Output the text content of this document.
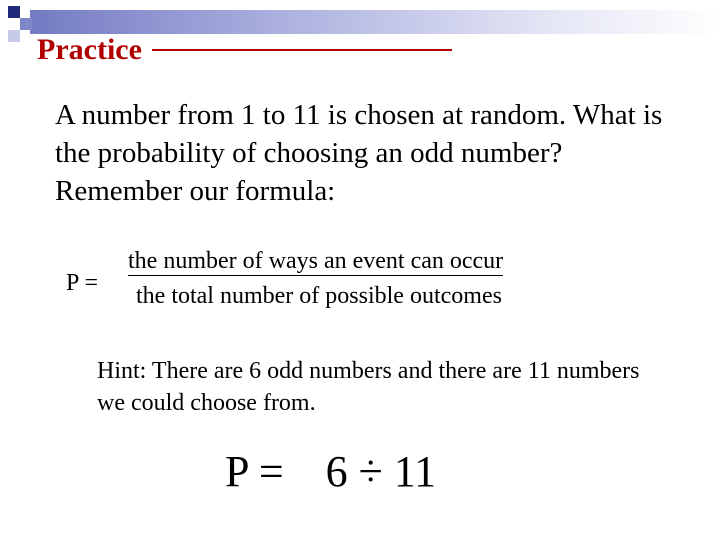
Practice
A number from 1 to 11 is chosen at random. What is the probability of choosing an odd number? Remember our formula:
P =
the number of ways an event can occur
the total number of possible outcomes
Hint: There are 6 odd numbers and there are 11 numbers we could choose from.
P = 6 ÷ 11
